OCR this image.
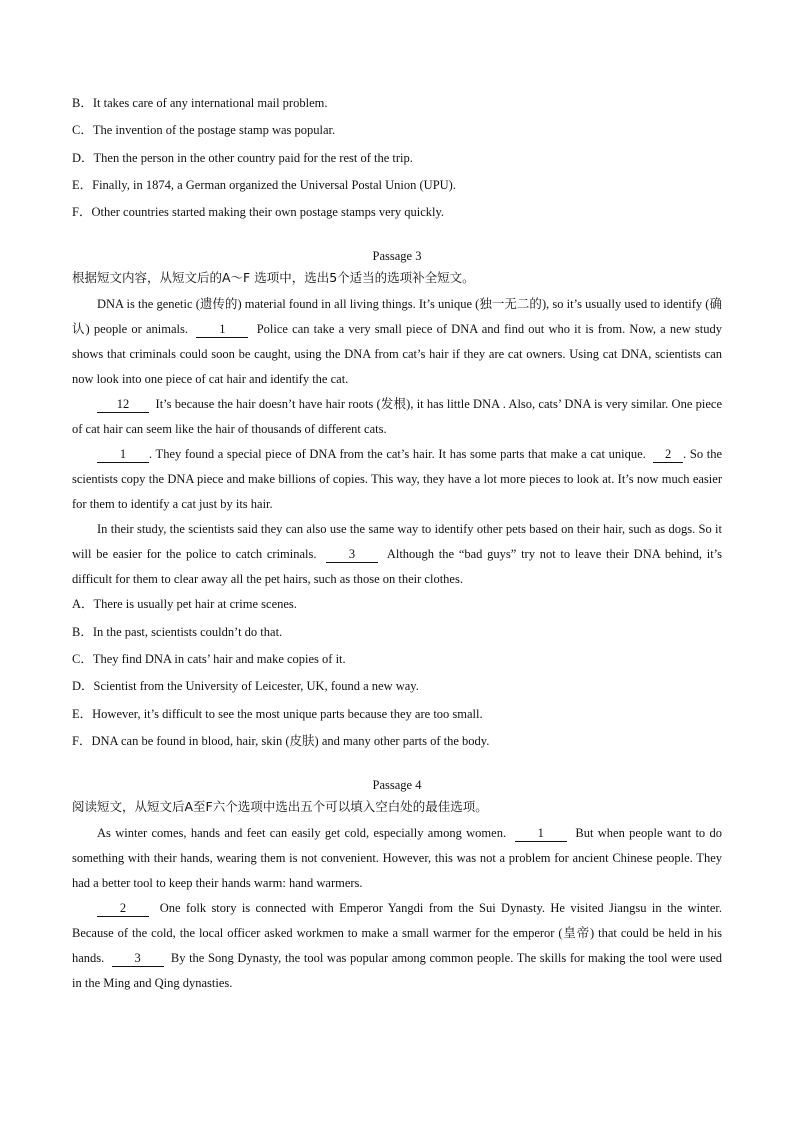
B．It takes care of any international mail problem.
C．The invention of the postage stamp was popular.
D．Then the person in the other country paid for the rest of the trip.
E．Finally, in 1874, a German organized the Universal Postal Union (UPU).
F．Other countries started making their own postage stamps very quickly.
Passage 3
根据短文内容，从短文后的A～F 选项中，选出5个适当的选项补全短文。

DNA is the genetic (遗传的) material found in all living things. It’s unique (独一无二的), so it’s usually used to identify (确认) people or animals. 1 Police can take a very small piece of DNA and find out who it is from. Now, a new study shows that criminals could soon be caught, using the DNA from cat’s hair if they are cat owners. Using cat DNA, scientists can now look into one piece of cat hair and identify the cat.

12 It’s because the hair doesn’t have hair roots (发根), it has little DNA . Also, cats’ DNA is very similar. One piece of cat hair can seem like the hair of thousands of different cats.

1 . They found a special piece of DNA from the cat’s hair. It has some parts that make a cat unique. 2 . So the scientists copy the DNA piece and make billions of copies. This way, they have a lot more pieces to look at. It’s now much easier for them to identify a cat just by its hair.

In their study, the scientists said they can also use the same way to identify other pets based on their hair, such as dogs. So it will be easier for the police to catch criminals.	3	Although the “bad guys” try not to leave their DNA behind, it’s difficult for them to clear away all the pet hairs, such as those on their clothes.

A．There is usually pet hair at crime scenes.
B．In the past, scientists couldn’t do that.
C．They find DNA in cats’ hair and make copies of it.
D．Scientist from the University of Leicester, UK, found a new way.
E．However, it’s difficult to see the most unique parts because they are too small.
F．DNA can be found in blood, hair, skin (皮肤) and many other parts of the body.
Passage 4
阅读短文，从短文后A至F六个选项中选出五个可以填入空白处的最佳选项。

As winter comes, hands and feet can easily get cold, especially among women.	1	But when people want to do something with their hands, wearing them is not convenient. However, this was not a problem for ancient Chinese people. They had a better tool to keep their hands warm: hand warmers.

2	One folk story is connected with Emperor Yangdi from the Sui Dynasty. He visited Jiangsu in the winter. Because of the cold, the local officer asked workmen to make a small warmer for the emperor (皇帝) that could be held in his hands. 3 By the Song Dynasty, the tool was popular among common people. The skills for making the tool were used in the Ming and Qing dynasties.
